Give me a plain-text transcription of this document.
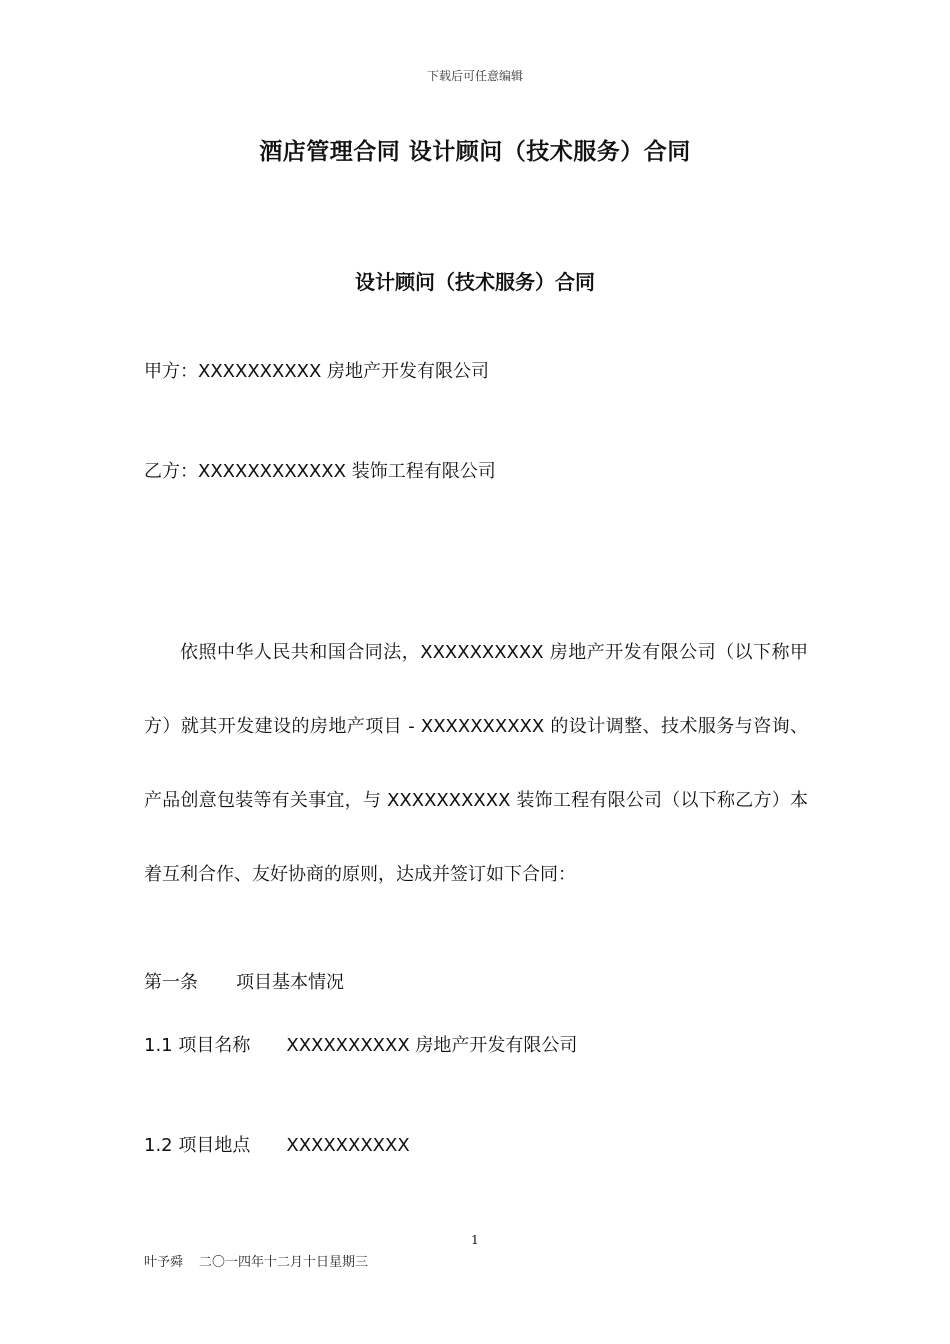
下载后可任意编辑
酒店管理合同 设计顾问（技术服务）合同
设计顾问（技术服务）合同
甲方：XXXXXXXXXX 房地产开发有限公司
乙方：XXXXXXXXXXXX 装饰工程有限公司
依照中华人民共和国合同法，XXXXXXXXXX 房地产开发有限公司（以下称甲方）就其开发建设的房地产项目 - XXXXXXXXXX 的设计调整、技术服务与咨询、产品创意包装等有关事宜，与 XXXXXXXXXX 装饰工程有限公司（以下称乙方）本着互利合作、友好协商的原则，达成并签订如下合同：
第一条 项目基本情况
1.1 项目名称 XXXXXXXXXX 房地产开发有限公司
1.2 项目地点 XXXXXXXXXX
1
叶予舜 二〇一四年十二月十日星期三
